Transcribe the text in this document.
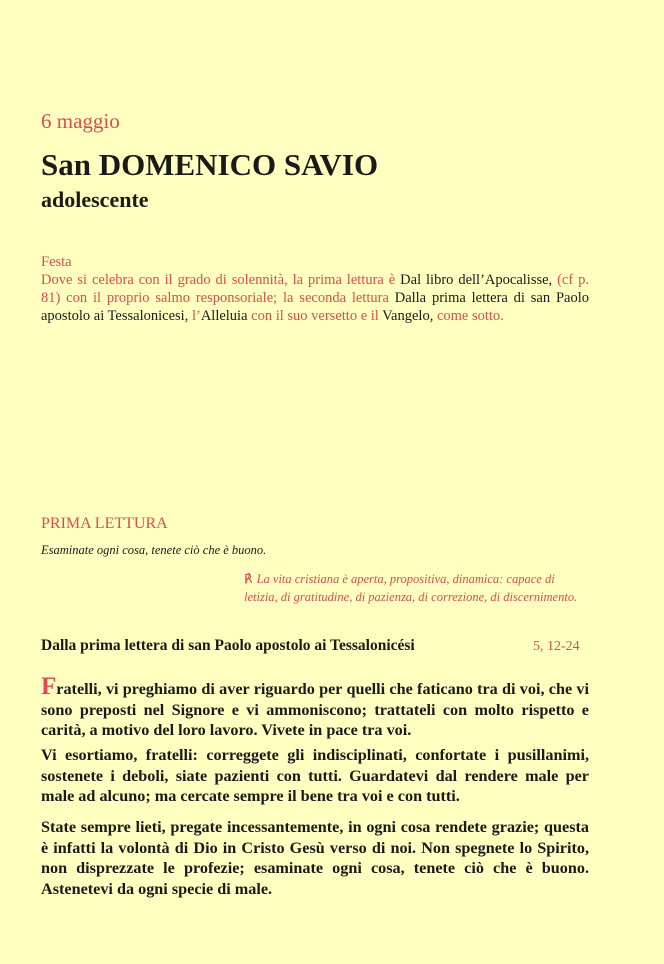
6 maggio
San DOMENICO SAVIO
adolescente
Festa

Dove si celebra con il grado di solennità, la prima lettura è Dal libro dell’Apocalisse, (cf p. 81) con il proprio salmo responsoriale; la seconda lettura Dalla prima lettera di san Paolo apostolo ai Tessalonicesi, l’Alleluia con il suo versetto e il Vangelo, come sotto.

PRIMA LETTURA
Esaminate ogni cosa, tenete ciò che è buono.

℟ La vita cristiana è aperta, propositiva, dinamica: capace di letizia, di gratitudine, di pazienza, di correzione, di discernimento.

Dalla prima lettera di san Paolo apostolo ai Tessalonicési	5, 12-24

Fratelli, vi preghiamo di aver riguardo per quelli che faticano tra di voi, che vi sono preposti nel Signore e vi ammoniscono; trattateli con molto rispetto e carità, a motivo del loro lavoro. Vivete in pace tra voi.

Vi esortiamo, fratelli: correggete gli indisciplinati, confortate i pusillanimi, sostenete i deboli, siate pazienti con tutti. Guardatevi dal rendere male per male ad alcuno; ma cercate sempre il bene tra voi e con tutti.

State sempre lieti, pregate incessantemente, in ogni cosa rendete grazie; questa è infatti la volontà di Dio in Cristo Gesù verso di noi. Non spegnete lo Spirito, non disprezzate le profezie; esaminate ogni cosa, tenete ciò che è buono. Astenetevi da ogni specie di male.
